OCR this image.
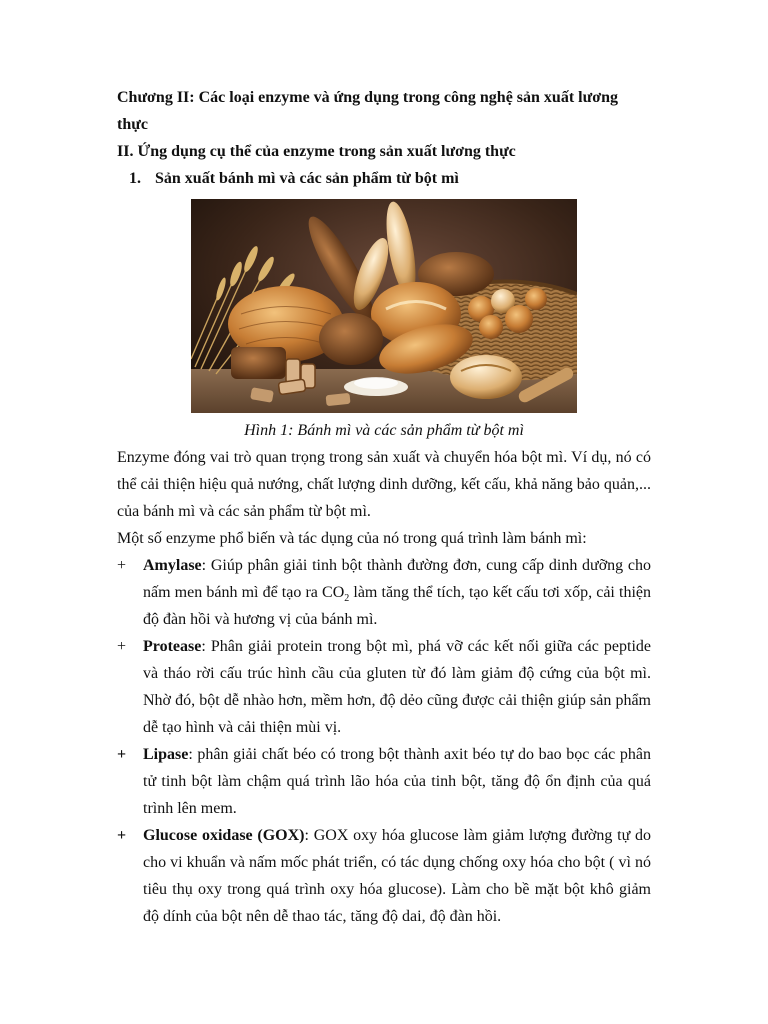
Chương II: Các loại enzyme và ứng dụng trong công nghệ sản xuất lương thực

II. Ứng dụng cụ thể của enzyme trong sản xuất lương thực

1. Sản xuất bánh mì và các sản phẩm từ bột mì
Hình 1: Bánh mì và các sản phẩm từ bột mì

Enzyme đóng vai trò quan trọng trong sản xuất và chuyển hóa bột mì. Ví dụ, nó có thể cải thiện hiệu quả nướng, chất lượng dinh dưỡng, kết cấu, khả năng bảo quản,... của bánh mì và các sản phẩm từ bột mì.

Một số enzyme phổ biến và tác dụng của nó trong quá trình làm bánh mì:

+	Amylase: Giúp phân giải tinh bột thành đường đơn, cung cấp dinh dưỡng cho nấm men bánh mì để tạo ra $CO_2$ làm tăng thể tích, tạo kết cấu tơi xốp, cải thiện độ đàn hồi và hương vị của bánh mì.
+	Protease: Phân giải protein trong bột mì, phá vỡ các kết nối giữa các peptide và tháo rời cấu trúc hình cầu của gluten từ đó làm giảm độ cứng của bột mì. Nhờ đó, bột dễ nhào hơn, mềm hơn, độ dẻo cũng được cải thiện giúp sản phẩm dễ tạo hình và cải thiện mùi vị.
+	Lipase: phân giải chất béo có trong bột thành axit béo tự do bao bọc các phân tử tinh bột làm chậm quá trình lão hóa của tinh bột, tăng độ ổn định của quá trình lên mem.
+	Glucose oxidase (GOX): GOX oxy hóa glucose làm giảm lượng đường tự do cho vi khuẩn và nấm mốc phát triển, có tác dụng chống oxy hóa cho bột ( vì nó tiêu thụ oxy trong quá trình oxy hóa glucose). Làm cho bề mặt bột khô giảm độ dính của bột nên dễ thao tác, tăng độ dai, độ đàn hồi.
